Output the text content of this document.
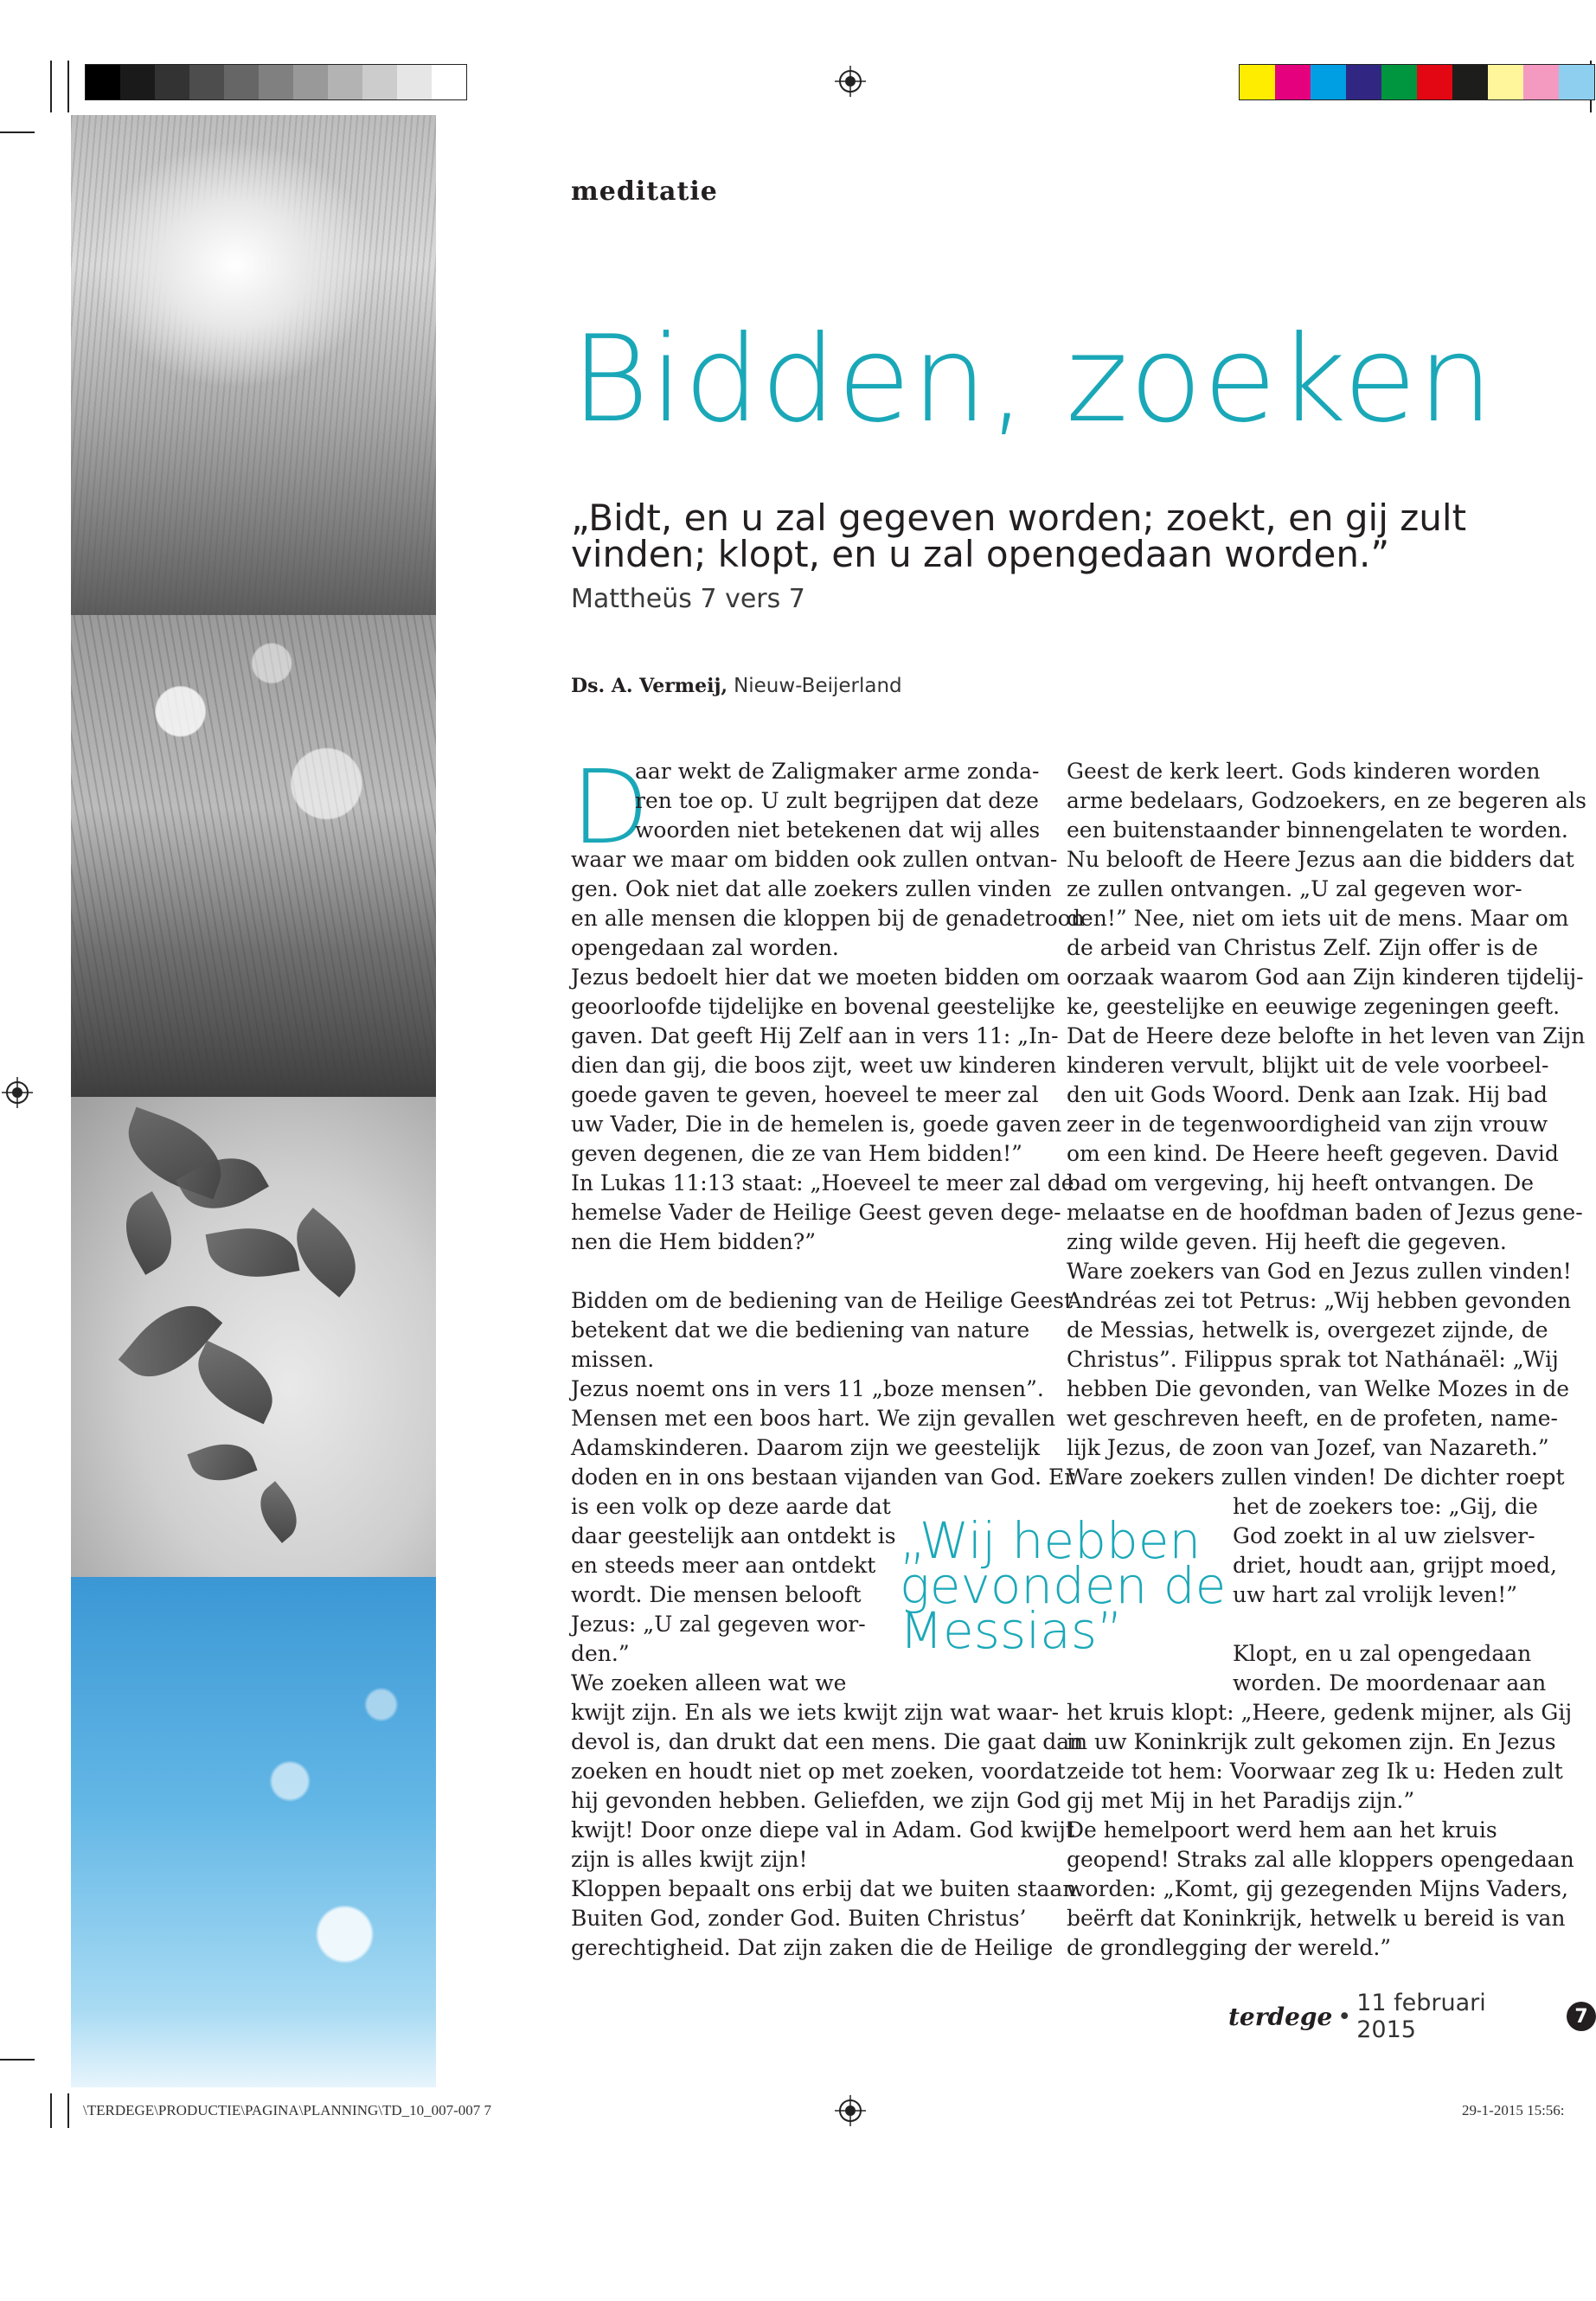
meditatie
Bidden, zoeken
„Bidt, en u zal gegeven worden; zoekt, en gij zult vinden; klopt, en u zal opengedaan worden.”
Mattheüs 7 vers 7
Ds. A. Vermeij, Nieuw-Beijerland
D

aar wekt de Zaligmaker arme zonda-

ren toe op. U zult begrijpen dat deze

woorden niet betekenen dat wij alles

waar we maar om bidden ook zullen ontvan-

gen. Ook niet dat alle zoekers zullen vinden

en alle mensen die kloppen bij de genadetroon

opengedaan zal worden.

Jezus bedoelt hier dat we moeten bidden om

geoorloofde tijdelijke en bovenal geestelijke

gaven. Dat geeft Hij Zelf aan in vers 11: „In-

dien dan gij, die boos zijt, weet uw kinderen

goede gaven te geven, hoeveel te meer zal

uw Vader, Die in de hemelen is, goede gaven

geven degenen, die ze van Hem bidden!”

In Lukas 11:13 staat: „Hoeveel te meer zal de

hemelse Vader de Heilige Geest geven dege-

nen die Hem bidden?”

Bidden om de bediening van de Heilige Geest

betekent dat we die bediening van nature

missen.

Jezus noemt ons in vers 11 „boze mensen”.

Mensen met een boos hart. We zijn gevallen

Adamskinderen. Daarom zijn we geestelijk

doden en in ons bestaan vijanden van God. Er

is een volk op deze aarde dat

daar geestelijk aan ontdekt is

en steeds meer aan ontdekt

wordt. Die mensen belooft

Jezus: „U zal gegeven wor-

den.”

We zoeken alleen wat we

kwijt zijn. En als we iets kwijt zijn wat waar-

devol is, dan drukt dat een mens. Die gaat dan

zoeken en houdt niet op met zoeken, voordat

hij gevonden hebben. Geliefden, we zijn God

kwijt! Door onze diepe val in Adam. God kwijt

zijn is alles kwijt zijn!

Kloppen bepaalt ons erbij dat we buiten staan.

Buiten God, zonder God. Buiten Christus’

gerechtigheid. Dat zijn zaken die de Heilige

Geest de kerk leert. Gods kinderen worden

arme bedelaars, Godzoekers, en ze begeren als

een buitenstaander binnengelaten te worden.

Nu belooft de Heere Jezus aan die bidders dat

ze zullen ontvangen. „U zal gegeven wor-

den!” Nee, niet om iets uit de mens. Maar om

de arbeid van Christus Zelf. Zijn offer is de

oorzaak waarom God aan Zijn kinderen tijdelij-

ke, geestelijke en eeuwige zegeningen geeft.

Dat de Heere deze belofte in het leven van Zijn

kinderen vervult, blijkt uit de vele voorbeel-

den uit Gods Woord. Denk aan Izak. Hij bad

zeer in de tegenwoordigheid van zijn vrouw

om een kind. De Heere heeft gegeven. David

bad om vergeving, hij heeft ontvangen. De

melaatse en de hoofdman baden of Jezus gene-

zing wilde geven. Hij heeft die gegeven.

Ware zoekers van God en Jezus zullen vinden!

Andréas zei tot Petrus: „Wij hebben gevonden

de Messias, hetwelk is, overgezet zijnde, de

Christus”. Filippus sprak tot Nathánaël: „Wij

hebben Die gevonden, van Welke Mozes in de

wet geschreven heeft, en de profeten, name-

lijk Jezus, de zoon van Jozef, van Nazareth.”

Ware zoekers zullen vinden! De dichter roept

het de zoekers toe: „Gij, die

God zoekt in al uw zielsver-

driet, houdt aan, grijpt moed,

uw hart zal vrolijk leven!”

Klopt, en u zal opengedaan

worden. De moordenaar aan

het kruis klopt: „Heere, gedenk mijner, als Gij

in uw Koninkrijk zult gekomen zijn. En Jezus

zeide tot hem: Voorwaar zeg Ik u: Heden zult

gij met Mij in het Paradijs zijn.”

De hemelpoort werd hem aan het kruis

geopend! Straks zal alle kloppers opengedaan

worden: „Komt, gij gezegenden Mijns Vaders,

beërft dat Koninkrijk, hetwelk u bereid is van

de grondlegging der wereld.”

„Wij hebben
gevonden de
Messias”
terdege • 11 februari 2015	7
\TERDEGE\PRODUCTIE\PAGINA\PLANNING\TD_10_007-007 7	29-1-2015 15:56:
